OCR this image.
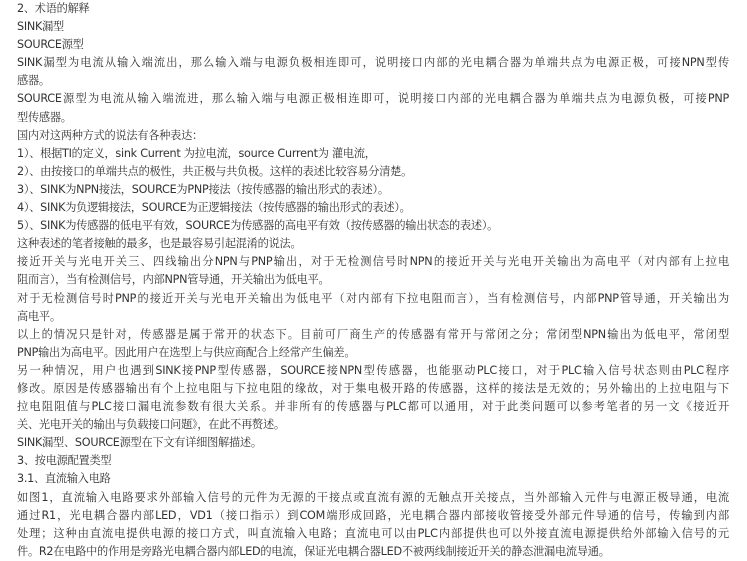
2、术语的解释
SINK漏型
SOURCE源型
SINK漏型为电流从输入端流出，那么输入端与电源负极相连即可，说明接口内部的光电耦合器为单端共点为电源正极，可接NPN型传
感器。
SOURCE源型为电流从输入端流进，那么输入端与电源正极相连即可，说明接口内部的光电耦合器为单端共点为电源负极，可接PNP
型传感器。
国内对这两种方式的说法有各种表达：
1）、根据TI的定义，sink Current 为拉电流，source Current为 灌电流，
2）、由按接口的单端共点的极性，共正极与共负极。这样的表述比较容易分清楚。
3）、SINK为NPN接法，SOURCE为PNP接法（按传感器的输出形式的表述）。
4）、SINK为负逻辑接法，SOURCE为正逻辑接法（按传感器的输出形式的表述）。
5）、SINK为传感器的低电平有效，SOURCE为传感器的高电平有效（按传感器的输出状态的表述）。
这种表述的笔者接触的最多，也是最容易引起混淆的说法。
接近开关与光电开关三、四线输出分NPN与PNP输出，对于无检测信号时NPN的接近开关与光电开关输出为高电平（对内部有上拉电
阻而言），当有检测信号，内部NPN管导通，开关输出为低电平。
对于无检测信号时PNP的接近开关与光电开关输出为低电平（对内部有下拉电阻而言），当有检测信号，内部PNP管导通，开关输出为
高电平。
以上的情况只是针对，传感器是属于常开的状态下。目前可厂商生产的传感器有常开与常闭之分；常闭型NPN输出为低电平，常闭型
PNP输出为高电平。因此用户在选型上与供应商配合上经常产生偏差。
另一种情况，用户也遇到SINK接PNP型传感器，SOURCE接NPN型传感器，也能驱动PLC接口，对于PLC输入信号状态则由PLC程序
修改。原因是传感器输出有个上拉电阻与下拉电阻的缘故，对于集电极开路的传感器，这样的接法是无效的；另外输出的上拉电阻与下
拉电阻阻值与PLC接口漏电流参数有很大关系。并非所有的传感器与PLC都可以通用，对于此类问题可以参考笔者的另一文《接近开
关、光电开关的输出与负载接口问题》，在此不再赘述。
SINK漏型、SOURCE源型在下文有详细图解描述。
3、按电源配置类型
3.1、直流输入电路
如图1，直流输入电路要求外部输入信号的元件为无源的干接点或直流有源的无触点开关接点，当外部输入元件与电源正极导通，电流
通过R1，光电耦合器内部LED，VD1（接口指示）到COM端形成回路，光电耦合器内部接收管接受外部元件导通的信号，传输到内部
处理；这种由直流电提供电源的接口方式，叫直流输入电路；直流电可以由PLC内部提供也可以外接直流电源提供给外部输入信号的元
件。R2在电路中的作用是旁路光电耦合器内部LED的电流，保证光电耦合器LED不被两线制接近开关的静态泄漏电流导通。
